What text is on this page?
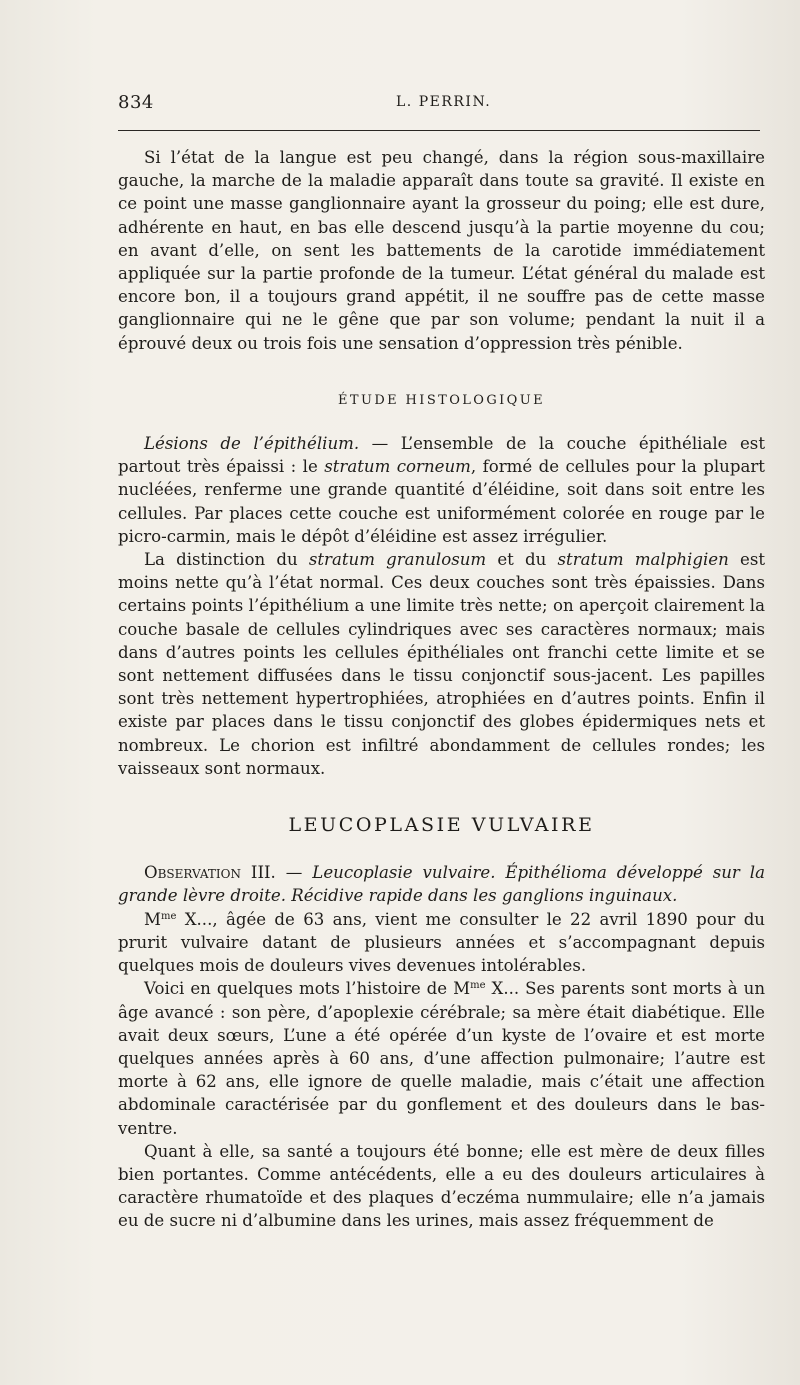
834	L. PERRIN.

Si l’état de la langue est peu changé, dans la région sous-maxillaire gauche, la marche de la maladie apparaît dans toute sa gravité. Il existe en ce point une masse ganglionnaire ayant la grosseur du poing; elle est dure, adhérente en haut, en bas elle descend jusqu’à la partie moyenne du cou; en avant d’elle, on sent les battements de la carotide immédiatement appliquée sur la partie profonde de la tumeur. L’état général du malade est encore bon, il a toujours grand appétit, il ne souffre pas de cette masse ganglionnaire qui ne le gêne que par son volume; pendant la nuit il a éprouvé deux ou trois fois une sensation d’oppression très pénible.

ÉTUDE HISTOLOGIQUE

Lésions de l’épithélium. — L’ensemble de la couche épithéliale est partout très épaissi : le stratum corneum, formé de cellules pour la plupart nucléées, renferme une grande quantité d’éléidine, soit dans soit entre les cellules. Par places cette couche est uniformément colorée en rouge par le picro-carmin, mais le dépôt d’éléidine est assez irrégulier.

La distinction du stratum granulosum et du stratum malphigien est moins nette qu’à l’état normal. Ces deux couches sont très épaissies. Dans certains points l’épithélium a une limite très nette; on aperçoit clairement la couche basale de cellules cylindriques avec ses caractères normaux; mais dans d’autres points les cellules épithéliales ont franchi cette limite et se sont nettement diffusées dans le tissu conjonctif sous-jacent. Les papilles sont très nettement hypertrophiées, atrophiées en d’autres points. Enfin il existe par places dans le tissu conjonctif des globes épidermiques nets et nombreux. Le chorion est infiltré abondamment de cellules rondes; les vaisseaux sont normaux.

LEUCOPLASIE VULVAIRE

Observation III. — Leucoplasie vulvaire. Épithélioma développé sur la grande lèvre droite. Récidive rapide dans les ganglions inguinaux.

$M^{me}$ X..., âgée de 63 ans, vient me consulter le 22 avril 1890 pour du prurit vulvaire datant de plusieurs années et s’accompagnant depuis quelques mois de douleurs vives devenues intolérables.

Voici en quelques mots l’histoire de $M^{me}$ X... Ses parents sont morts à un âge avancé : son père, d’apoplexie cérébrale; sa mère était diabétique. Elle avait deux sœurs, L’une a été opérée d’un kyste de l’ovaire et est morte quelques années après à 60 ans, d’une affection pulmonaire; l’autre est morte à 62 ans, elle ignore de quelle maladie, mais c’était une affection abdominale caractérisée par du gonflement et des douleurs dans le bas-ventre.

Quant à elle, sa santé a toujours été bonne; elle est mère de deux filles bien portantes. Comme antécédents, elle a eu des douleurs articulaires à caractère rhumatoïde et des plaques d’eczéma nummulaire; elle n’a jamais eu de sucre ni d’albumine dans les urines, mais assez fréquemment de
